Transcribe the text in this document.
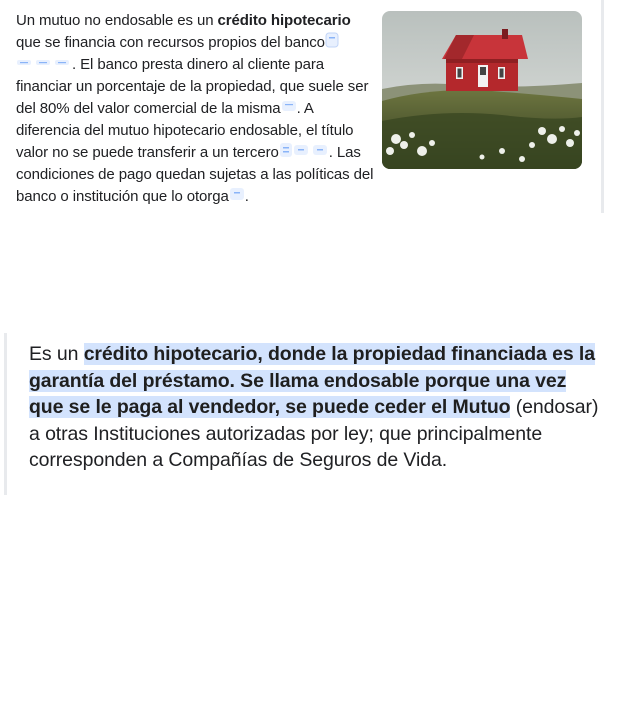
Un mutuo no endosable es un crédito hipotecario que se financia con recursos propios del banco
. El banco presta dinero al cliente para financiar un porcentaje de la propiedad, que suele ser del 80% del valor comercial de la misma . A diferencia del mutuo hipotecario endosable, el título valor no se puede transferir a un tercero	. Las condiciones de pago quedan sujetas a las políticas del banco o institución que lo otorga .
Es un crédito hipotecario, donde la propiedad financiada es la garantía del préstamo. Se llama endosable porque una vez que se le paga al vendedor, se puede ceder el Mutuo (endosar) a otras Instituciones autorizadas por ley; que principalmente corresponden a Compañías de Seguros de Vida.
